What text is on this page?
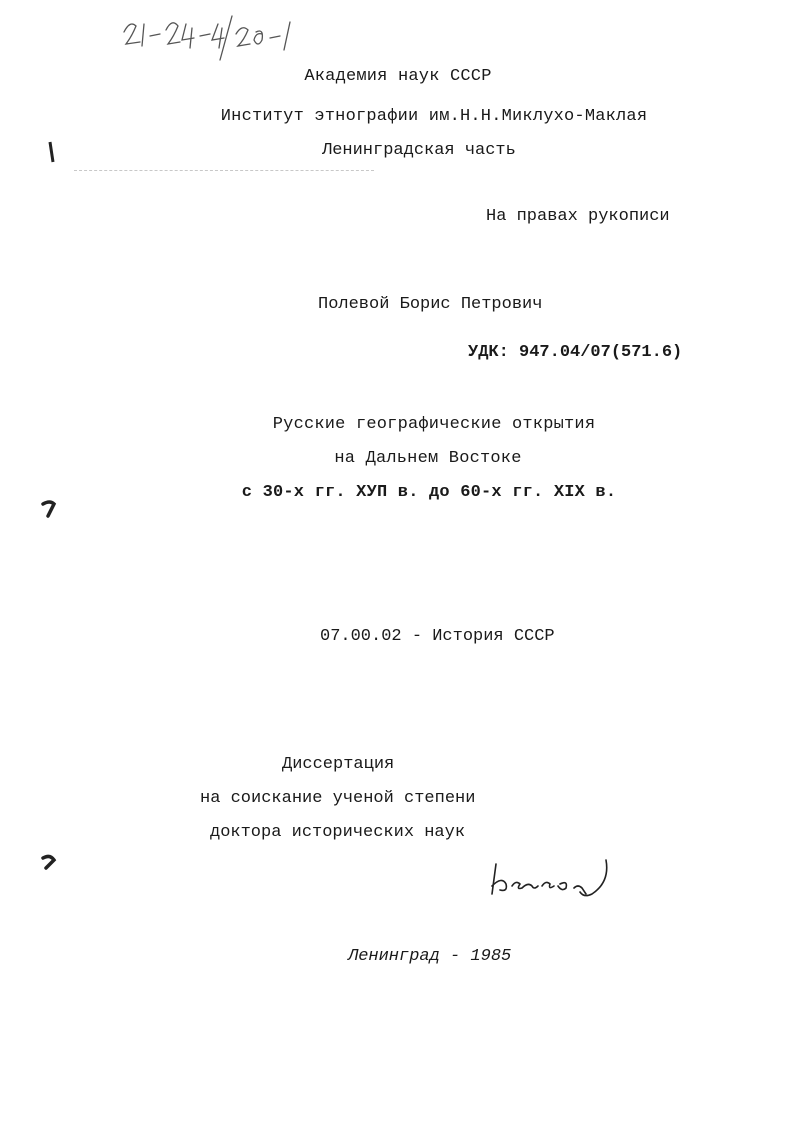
Академия наук СССР
Институт этнографии им.Н.Н.Миклухо-Маклая
Ленинградская часть
На правах рукописи
Полевой Борис Петрович
УДК: 947.04/07(571.6)
Русские географические открытия
на Дальнем Востоке
с 30-х гг. ХУП в. до 60-х гг. XIX в.
07.00.02 - История СССР
Диссертация
на соискание ученой степени
доктора исторических наук
Ленинград - 1985
